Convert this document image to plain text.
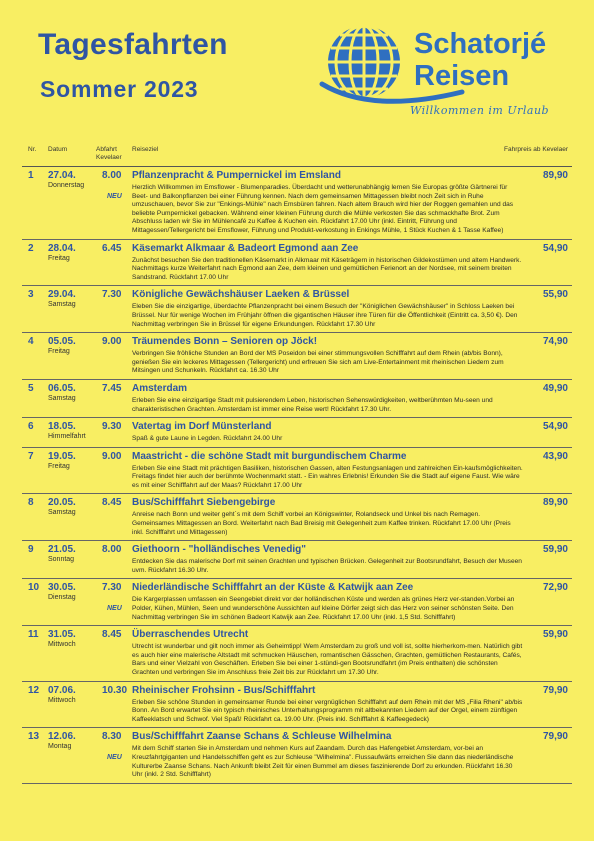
Tagesfahrten
Sommer 2023
Schatorjé
Reisen
Willkommen im Urlaub
Nr. Datum	Abfahrt Kevelaer
Reiseziel	Fahrpreis ab Kevelaer
1 27.04.
Donnerstag
8.00
NEU
89,90
Pflanzenpracht & Pumpernickel im Emsland
Herzlich Willkommen im Emsflower - Blumenparadies. Überdacht und wetterunabhängig lernen Sie Europas größte Gärtnerei für Beet- und Balkonpflanzen bei einer Führung kennen. Nach dem gemeinsamen Mittagessen bleibt noch Zeit sich in Ruhe umzuschauen, bevor Sie zur "Enkings-Mühle" nach Emsbüren fahren. Nach altem Brauch wird hier der Roggen gemahlen und das beliebte Pumpernickel gebacken. Während einer kleinen Führung durch die Mühle verkosten Sie das schmackhafte Brot. Zum Abschluss laden wir Sie im Mühlencafé zu Kaffee & Kuchen ein. Rückfahrt 17.00 Uhr (inkl. Eintritt, Führung und Mittagessen/Tellergericht bei Emsflower, Führung und Produkt-verkostung in Enkings Mühle, 1 Stück Kuchen & 1 Tasse Kaffee)
2 28.04.
Freitag
6.45	54,90
Käsemarkt Alkmaar & Badeort Egmond aan Zee
Zunächst besuchen Sie den traditionellen Käsemarkt in Alkmaar mit Käseträgern in historischen Gildekostümen und altem Handwerk. Nachmittags kurze Weiterfahrt nach Egmond aan Zee, dem kleinen und gemütlichen Ferienort an der Nordsee, mit seinem breiten Sandstrand. Rückfahrt 17.00 Uhr
3 29.04.
Samstag
7.30	55,90
Königliche Gewächshäuser Laeken & Brüssel
Eleben Sie die einzigartige, überdachte Pflanzenpracht bei einem Besuch der "Königlichen Gewächshäuser" in Schloss Laeken bei Brüssel. Nur für wenige Wochen im Frühjahr öffnen die gigantischen Häuser ihre Türen für die Öffentlichkeit (Eintritt ca. 3,50 €). Den Nachmittag verbringen Sie in Brüssel für eigene Erkundungen. Rückfahrt 17.30 Uhr
4 05.05.
Freitag
9.00	74,90
Träumendes Bonn – Senioren op Jöck!
Verbringen Sie fröhliche Stunden an Bord der MS Poseidon bei einer stimmungsvollen Schifffahrt auf dem Rhein (ab/bis Bonn), genießen Sie ein leckeres Mittagessen (Tellergericht) und erfreuen Sie sich am Live-Entertainment mit rheinischen Liedern zum Mitsingen und Schunkeln. Rückfahrt ca. 16.30 Uhr
5 06.05.
Samstag
7.45	49,90
Amsterdam
Erleben Sie eine einzigartige Stadt mit pulsierendem Leben, historischen Sehenswürdigkeiten, weltberühmten Mu-seen und charakteristischen Grachten. Amsterdam ist immer eine Reise wert! Rückfahrt 17.30 Uhr.
6 18.05.
Himmelfahrt
9.30	54,90
Vatertag im Dorf Münsterland
Spaß & gute Laune in Legden. Rückfahrt 24.00 Uhr
7 19.05.
Freitag
9.00	43,90
Maastricht - die schöne Stadt mit burgundischem Charme
Erleben Sie eine Stadt mit prächtigen Basiliken, historischen Gassen, alten Festungsanlagen und zahlreichen Ein-kaufsmöglichkeiten. Freitags findet hier auch der berühmte Wochenmarkt statt. - Ein wahres Erlebnis! Erkunden Sie die Stadt auf eigene Faust. Wie wäre es mit einer Schifffahrt auf der Maas? Rückfahrt 17.00 Uhr
8 20.05.
Samstag
8.45	89,90
Bus/Schifffahrt Siebengebirge
Anreise nach Bonn und weiter geht´s mit dem Schiff vorbei an Königswinter, Rolandseck und Unkel bis nach Remagen. Gemeinsames Mittagessen an Bord. Weiterfahrt nach Bad Breisig mit Gelegenheit zum Kaffee trinken. Rückfahrt 17.00 Uhr (Preis inkl. Schifffahrt und Mittagessen)
9 21.05.
Sonntag
8.00	59,90
Giethoorn - "holländisches Venedig"
Entdecken Sie das malerische Dorf mit seinen Grachten und typischen Brücken. Gelegenheit zur Bootsrundfahrt, Besuch der Museen uvm. Rückfahrt 16.30 Uhr.
10 30.05.
Dienstag
7.30
NEU
72,90
Niederländische Schifffahrt an der Küste & Katwijk aan Zee
Die Kargerplassen umfassen ein Seengebiet direkt vor der holländischen Küste und werden als grünes Herz ver-standen.Vorbei an Polder, Kühen, Mühlen, Seen und wunderschöne Aussichten auf kleine Dörfer zeigt sich das Herz von seiner schönsten Seite. Den Nachmittag verbringen Sie im schönen Badeort Katwijk aan Zee. Rückfahrt 17.00 Uhr (inkl. 1,5 Std. Schifffahrt)
11 31.05.
Mittwoch
8.45	59,90
Überraschendes Utrecht
Utrecht ist wunderbar und gilt noch immer als Geheimtipp! Wem Amsterdam zu groß und voll ist, sollte hierherkom-men. Natürlich gibt es auch hier eine malerische Altstadt mit schmucken Häuschen, romantischen Gässchen, Grachten, gemütlichen Restaurants, Cafés, Bars und einer Vielzahl von Geschäften. Erleben Sie bei einer 1-stündi-gen Bootsrundfahrt (im Preis enthalten) die schönsten Grachten und verbringen Sie im Anschluss freie Zeit bis zur Rückfahrt um 17.30 Uhr.
12 07.06.
Mittwoch
10.30	79,90
Rheinischer Frohsinn - Bus/Schifffahrt
Erleben Sie schöne Stunden in gemeinsamer Runde bei einer vergnüglichen Schifffahrt auf dem Rhein mit der MS „Filia Rheni" ab/bis Bonn. An Bord erwartet Sie ein typisch rheinisches Unterhaltungsprogramm mit altbekannten Liedern auf der Orgel, einem zünftigen Kaffeeklatsch und Schwof. Viel Spaß! Rückfahrt ca. 19.00 Uhr. (Preis inkl. Schifffahrt & Kaffeegedeck)
13 12.06.
Montag
8.30
NEU
79,90
Bus/Schifffahrt Zaanse Schans & Schleuse Wilhelmina
Mit dem Schiff starten Sie in Amsterdam und nehmen Kurs auf Zaandam. Durch das Hafengebiet Amsterdam, vor-bei an Kreuzfahrtgiganten und Handelsschiffen geht es zur Schleuse "Wilhelmina". Flussaufwärts erreichen Sie dann das niederländische Kulturerbe Zaanse Schans. Nach Ankunft bleibt Zeit für einen Bummel am dieses faszinierende Dorf zu erkunden. Rückfahrt 16.30 Uhr (inkl. 2 Std. Schifffahrt)
